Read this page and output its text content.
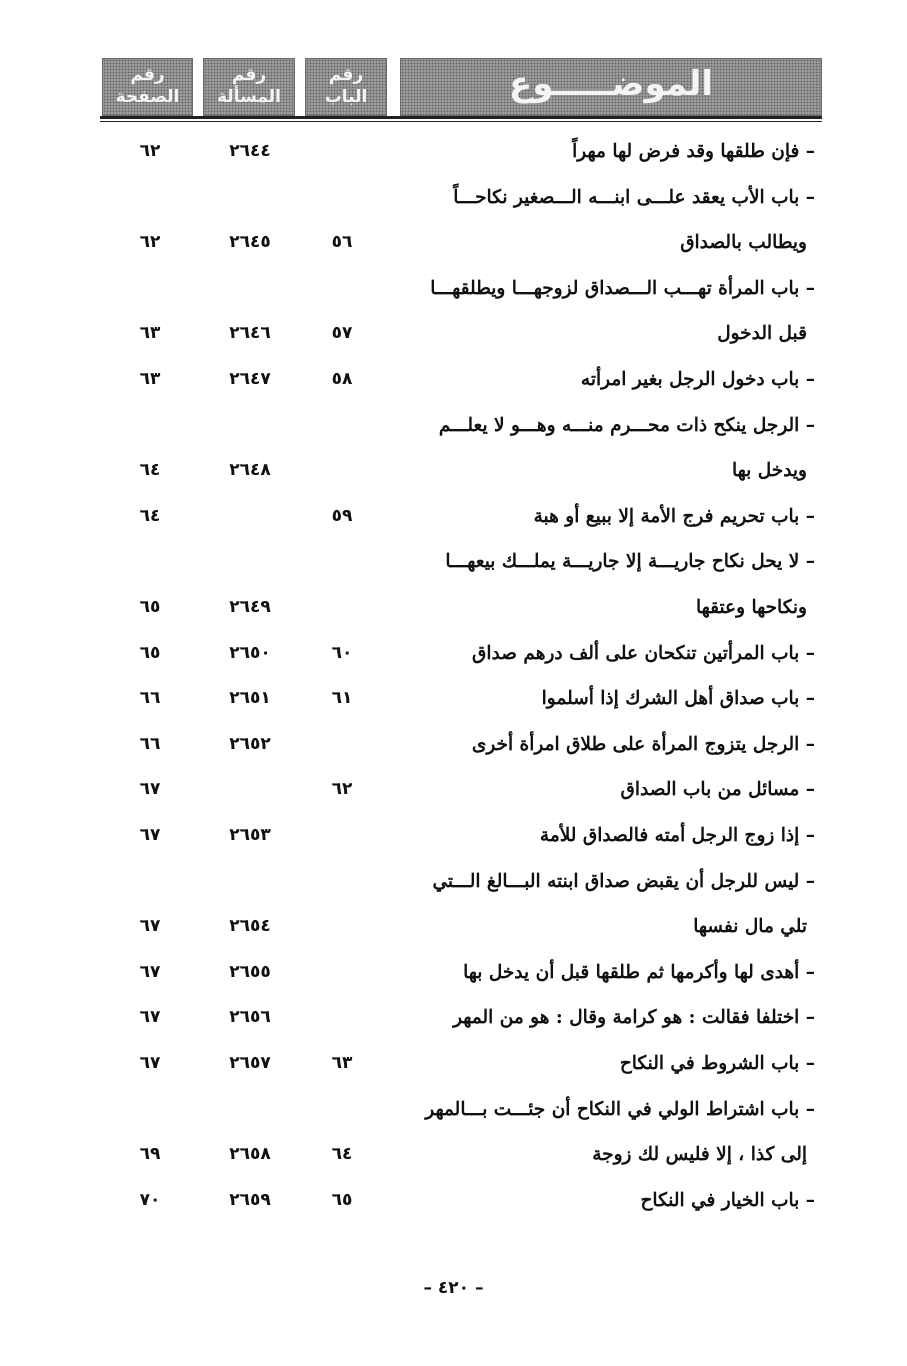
الموضـــــوع
رقم
الباب
رقم
المسألة
رقم
الصفحة
– فإن طلقها وقد فرض لها مهراً
٢٦٤٤
٦٢
– باب الأب يعقد علـــى ابنـــه الـــصغير نكاحـــاً
ويطالب بالصداق
٥٦
٢٦٤٥
٦٢
– باب المرأة تهـــب الـــصداق لزوجهـــا ويطلقهـــا
قبل الدخول
٥٧
٢٦٤٦
٦٣
– باب دخول الرجل بغير امرأته
٥٨
٢٦٤٧
٦٣
– الرجل ينكح ذات محـــرم منـــه وهـــو لا يعلـــم
ويدخل بها
٢٦٤٨
٦٤
– باب تحريم فرج الأمة إلا ببيع أو هبة
٥٩
٦٤
– لا يحل نكاح جاريـــة إلا جاريـــة يملـــك بيعهـــا
ونكاحها وعتقها
٢٦٤٩
٦٥
– باب المرأتين تنكحان على ألف درهم صداق
٦٠
٢٦٥٠
٦٥
– باب صداق أهل الشرك إذا أسلموا
٦١
٢٦٥١
٦٦
– الرجل يتزوج المرأة على طلاق امرأة أخرى
٢٦٥٢
٦٦
– مسائل من باب الصداق
٦٢
٦٧
– إذا زوج الرجل أمته فالصداق للأمة
٢٦٥٣
٦٧
– ليس للرجل أن يقبض صداق ابنته البـــالغ الـــتي
تلي مال نفسها
٢٦٥٤
٦٧
– أهدى لها وأكرمها ثم طلقها قبل أن يدخل بها
٢٦٥٥
٦٧
– اختلفا فقالت : هو كرامة وقال : هو من المهر
٢٦٥٦
٦٧
– باب الشروط في النكاح
٦٣
٢٦٥٧
٦٧
– باب اشتراط الولي في النكاح أن جئـــت بـــالمهر
إلى كذا ، إلا فليس لك زوجة
٦٤
٢٦٥٨
٦٩
– باب الخيار في النكاح
٦٥
٢٦٥٩
٧٠
– ٤٢٠ –
